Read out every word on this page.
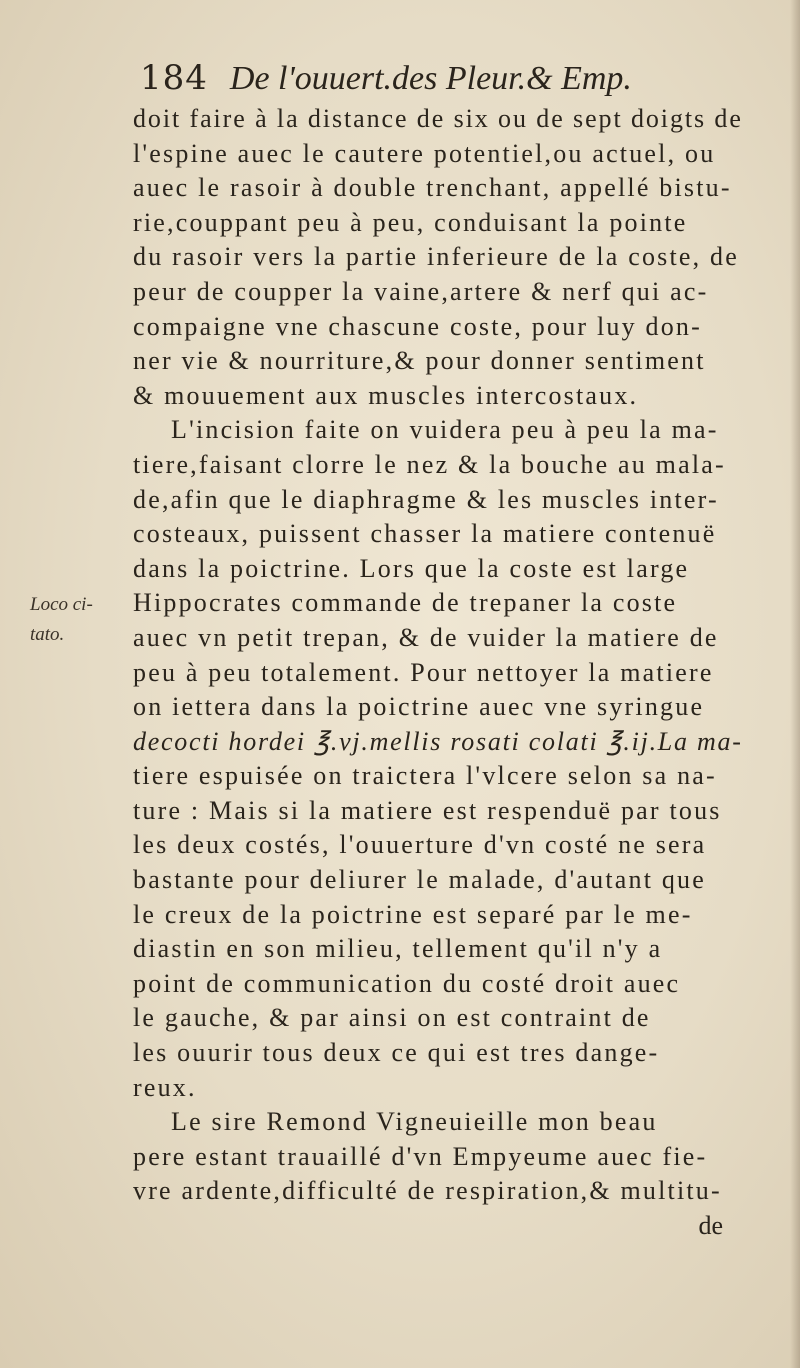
184 De l'ouuert.des Pleur.& Emp.
Loco ci-
tato.
doit faire à la distance de six ou de sept doigts de
l'espine auec le cautere potentiel,ou actuel, ou
auec le rasoir à double trenchant, appellé bistu-
rie,couppant peu à peu, conduisant la pointe
du rasoir vers la partie inferieure de la coste, de
peur de coupper la vaine,artere & nerf qui ac-
compaigne vne chascune coste, pour luy don-
ner vie & nourriture,& pour donner sentiment
& mouuement aux muscles intercostaux.
L'incision faite on vuidera peu à peu la ma-
tiere,faisant clorre le nez & la bouche au mala-
de,afin que le diaphragme & les muscles inter-
costeaux, puissent chasser la matiere contenuë
dans la poictrine. Lors que la coste est large
Hippocrates commande de trepaner la coste
auec vn petit trepan, & de vuider la matiere de
peu à peu totalement. Pour nettoyer la matiere
on iettera dans la poictrine auec vne syringue
decocti hordei ℥.vj.mellis rosati colati ℥.ij.La ma-
tiere espuisée on traictera l'vlcere selon sa na-
ture : Mais si la matiere est respenduë par tous
les deux costés, l'ouuerture d'vn costé ne sera
bastante pour deliurer le malade, d'autant que
le creux de la poictrine est separé par le me-
diastin en son milieu, tellement qu'il n'y a
point de communication du costé droit auec
le gauche, & par ainsi on est contraint de
les ouurir tous deux ce qui est tres dange-
reux.
Le sire Remond Vigneuieille mon beau
pere estant trauaillé d'vn Empyeume auec fie-
vre ardente,difficulté de respiration,& multitu-
de
